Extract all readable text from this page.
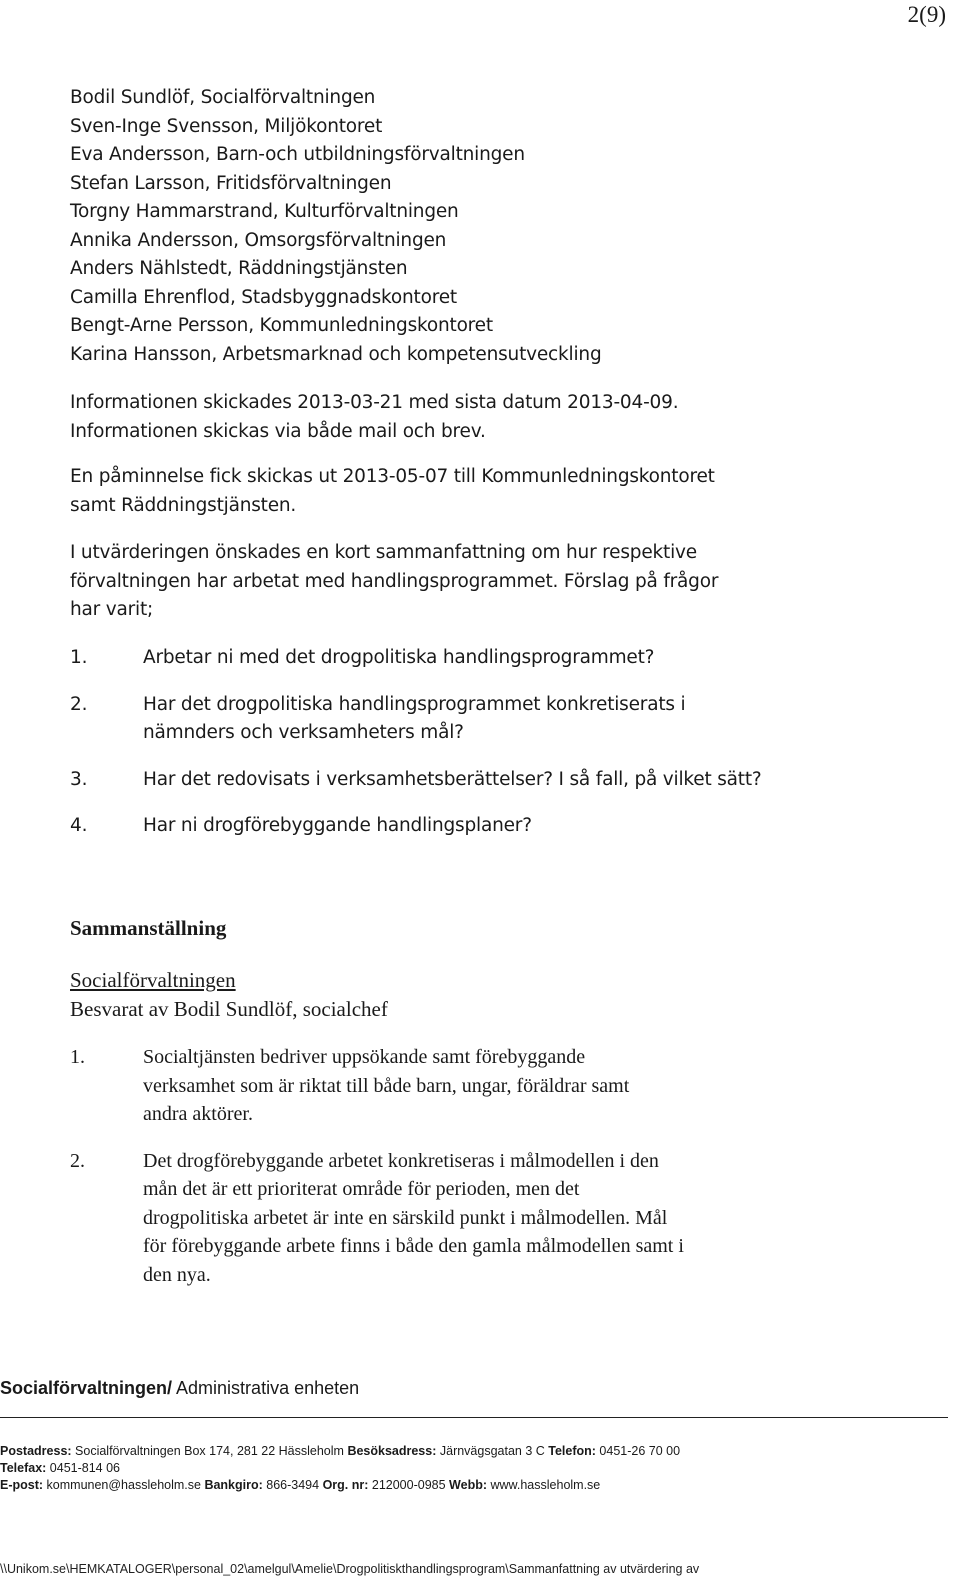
2(9)
Bodil Sundlöf, Socialförvaltningen
Sven-Inge Svensson, Miljökontoret
Eva Andersson, Barn-och utbildningsförvaltningen
Stefan Larsson, Fritidsförvaltningen
Torgny Hammarstrand, Kulturförvaltningen
Annika Andersson, Omsorgsförvaltningen
Anders Nählstedt, Räddningstjänsten
Camilla Ehrenflod, Stadsbyggnadskontoret
Bengt-Arne Persson, Kommunledningskontoret
Karina Hansson, Arbetsmarknad och kompetensutveckling
Informationen skickades 2013-03-21 med sista datum 2013-04-09.
Informationen skickas via både mail och brev.
En påminnelse fick skickas ut 2013-05-07 till Kommunledningskontoret
samt Räddningstjänsten.
I utvärderingen önskades en kort sammanfattning om hur respektive
förvaltningen har arbetat med handlingsprogrammet. Förslag på frågor
har varit;
1.	Arbetar ni med det drogpolitiska handlingsprogrammet?
2.	Har det drogpolitiska handlingsprogrammet konkretiserats i
nämnders och verksamheters mål?
3.	Har det redovisats i verksamhetsberättelser? I så fall, på vilket sätt?
4.	Har ni drogförebyggande handlingsplaner?
Sammanställning
Socialförvaltningen
Besvarat av Bodil Sundlöf, socialchef
1.	Socialtjänsten bedriver uppsökande samt förebyggande
verksamhet som är riktat till både barn, ungar, föräldrar samt
andra aktörer.
2.	Det drogförebyggande arbetet konkretiseras i målmodellen i den
mån det är ett prioriterat område för perioden, men det
drogpolitiska arbetet är inte en särskild punkt i målmodellen. Mål
för förebyggande arbete finns i både den gamla målmodellen samt i
den nya.
Socialförvaltningen/ Administrativa enheten
Postadress: Socialförvaltningen Box 174, 281 22 Hässleholm Besöksadress: Järnvägsgatan 3 C Telefon: 0451-26 70 00
Telefax: 0451-814 06
E-post: kommunen@hassleholm.se Bankgiro: 866-3494 Org. nr: 212000-0985 Webb: www.hassleholm.se
\\Unikom.se\HEMKATALOGER\personal_02\amelgul\Amelie\Drogpolitiskthandlingsprogram\Sammanfattning av utvärdering av
